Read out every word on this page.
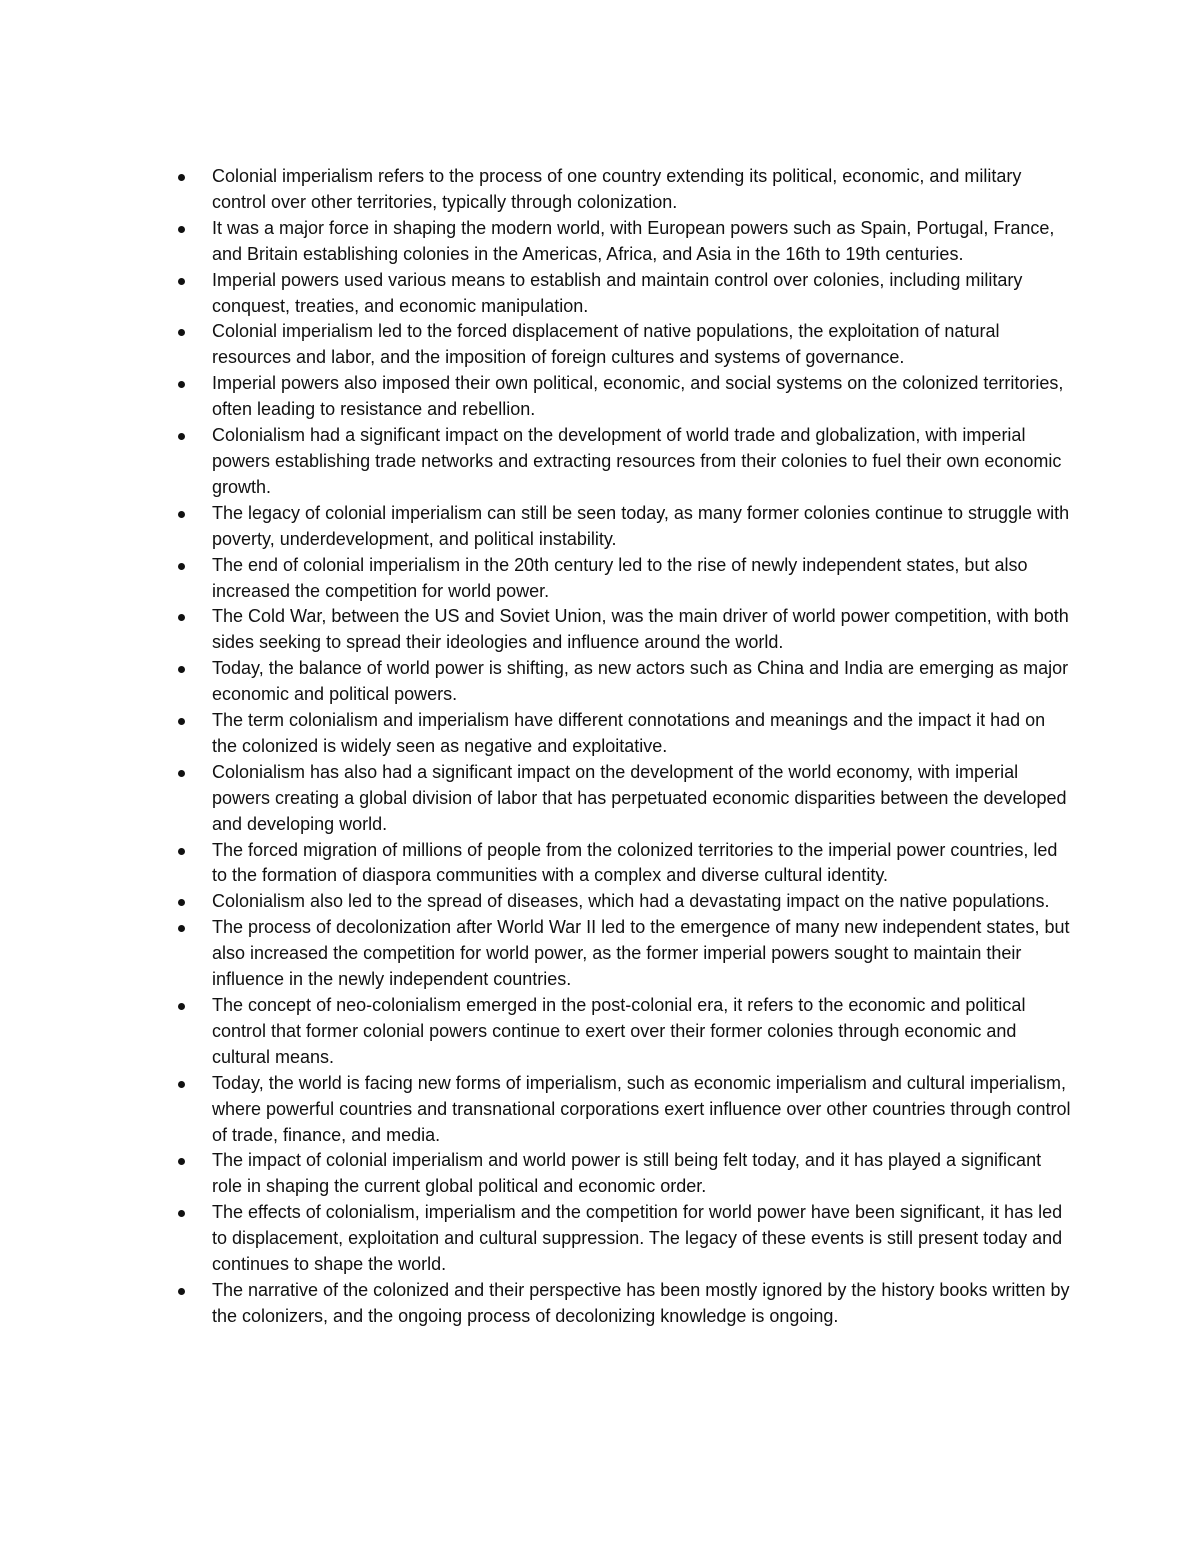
Colonial imperialism refers to the process of one country extending its political, economic, and military control over other territories, typically through colonization.
It was a major force in shaping the modern world, with European powers such as Spain, Portugal, France, and Britain establishing colonies in the Americas, Africa, and Asia in the 16th to 19th centuries.
Imperial powers used various means to establish and maintain control over colonies, including military conquest, treaties, and economic manipulation.
Colonial imperialism led to the forced displacement of native populations, the exploitation of natural resources and labor, and the imposition of foreign cultures and systems of governance.
Imperial powers also imposed their own political, economic, and social systems on the colonized territories, often leading to resistance and rebellion.
Colonialism had a significant impact on the development of world trade and globalization, with imperial powers establishing trade networks and extracting resources from their colonies to fuel their own economic growth.
The legacy of colonial imperialism can still be seen today, as many former colonies continue to struggle with poverty, underdevelopment, and political instability.
The end of colonial imperialism in the 20th century led to the rise of newly independent states, but also increased the competition for world power.
The Cold War, between the US and Soviet Union, was the main driver of world power competition, with both sides seeking to spread their ideologies and influence around the world.
Today, the balance of world power is shifting, as new actors such as China and India are emerging as major economic and political powers.
The term colonialism and imperialism have different connotations and meanings and the impact it had on the colonized is widely seen as negative and exploitative.
Colonialism has also had a significant impact on the development of the world economy, with imperial powers creating a global division of labor that has perpetuated economic disparities between the developed and developing world.
The forced migration of millions of people from the colonized territories to the imperial power countries, led to the formation of diaspora communities with a complex and diverse cultural identity.
Colonialism also led to the spread of diseases, which had a devastating impact on the native populations.
The process of decolonization after World War II led to the emergence of many new independent states, but also increased the competition for world power, as the former imperial powers sought to maintain their influence in the newly independent countries.
The concept of neo-colonialism emerged in the post-colonial era, it refers to the economic and political control that former colonial powers continue to exert over their former colonies through economic and cultural means.
Today, the world is facing new forms of imperialism, such as economic imperialism and cultural imperialism, where powerful countries and transnational corporations exert influence over other countries through control of trade, finance, and media.
The impact of colonial imperialism and world power is still being felt today, and it has played a significant role in shaping the current global political and economic order.
The effects of colonialism, imperialism and the competition for world power have been significant, it has led to displacement, exploitation and cultural suppression. The legacy of these events is still present today and continues to shape the world.
The narrative of the colonized and their perspective has been mostly ignored by the history books written by the colonizers, and the ongoing process of decolonizing knowledge is ongoing.
